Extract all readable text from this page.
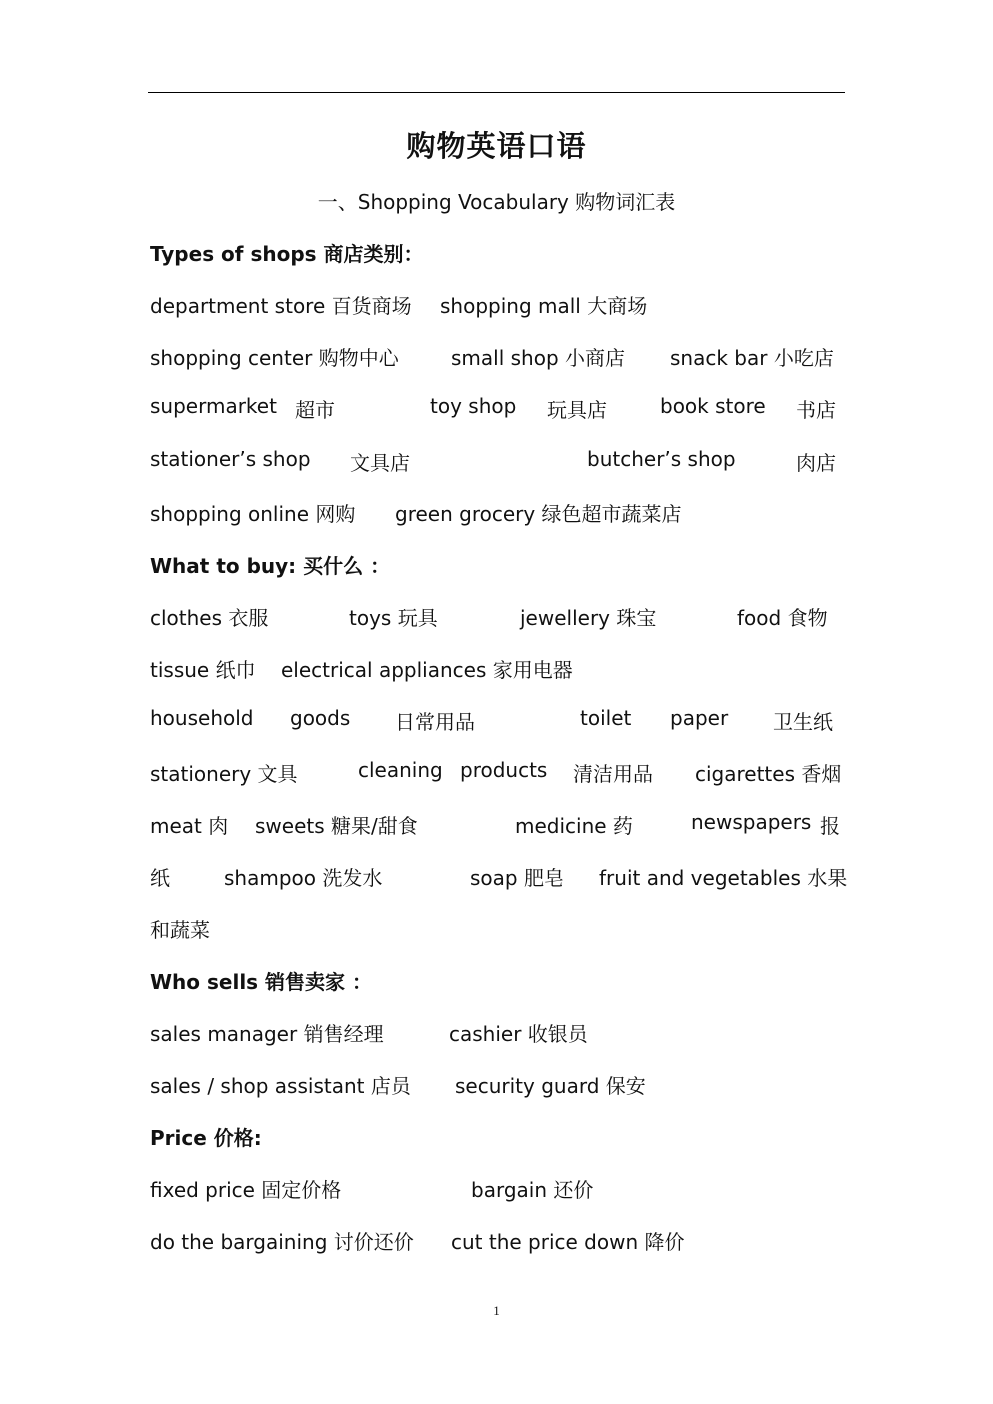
购物英语口语
一、Shopping Vocabulary 购物词汇表
Types of shops 商店类别：
department store 百货商场 shopping mall 大商场
shopping center 购物中心	small shop 小商店 snack bar 小吃店
supermarket 超市	toy shop 玩具店	book store 书店
stationer’s shop 文具店	butcher’s shop	肉店
shopping online 网购 green grocery 绿色超市蔬菜店
What to buy: 买什么 ：
clothes 衣服	toys 玩具	jewellery 珠宝	food 食物
tissue 纸巾 electrical appliances 家用电器
household goods 日常用品	toilet paper 卫生纸
stationery 文具	cleaning products 清洁用品 cigarettes 香烟
meat 肉 sweets 糖果/甜食	medicine 药	newspapers 报
纸	shampoo 洗发水	soap 肥皂 fruit and vegetables 水果
和蔬菜
Who sells 销售卖家 ：
sales manager 销售经理	cashier 收银员
sales / shop assistant 店员 security guard 保安
Price 价格:
fixed price 固定价格	bargain 还价
do the bargaining 讨价还价 cut the price down 降价
1
